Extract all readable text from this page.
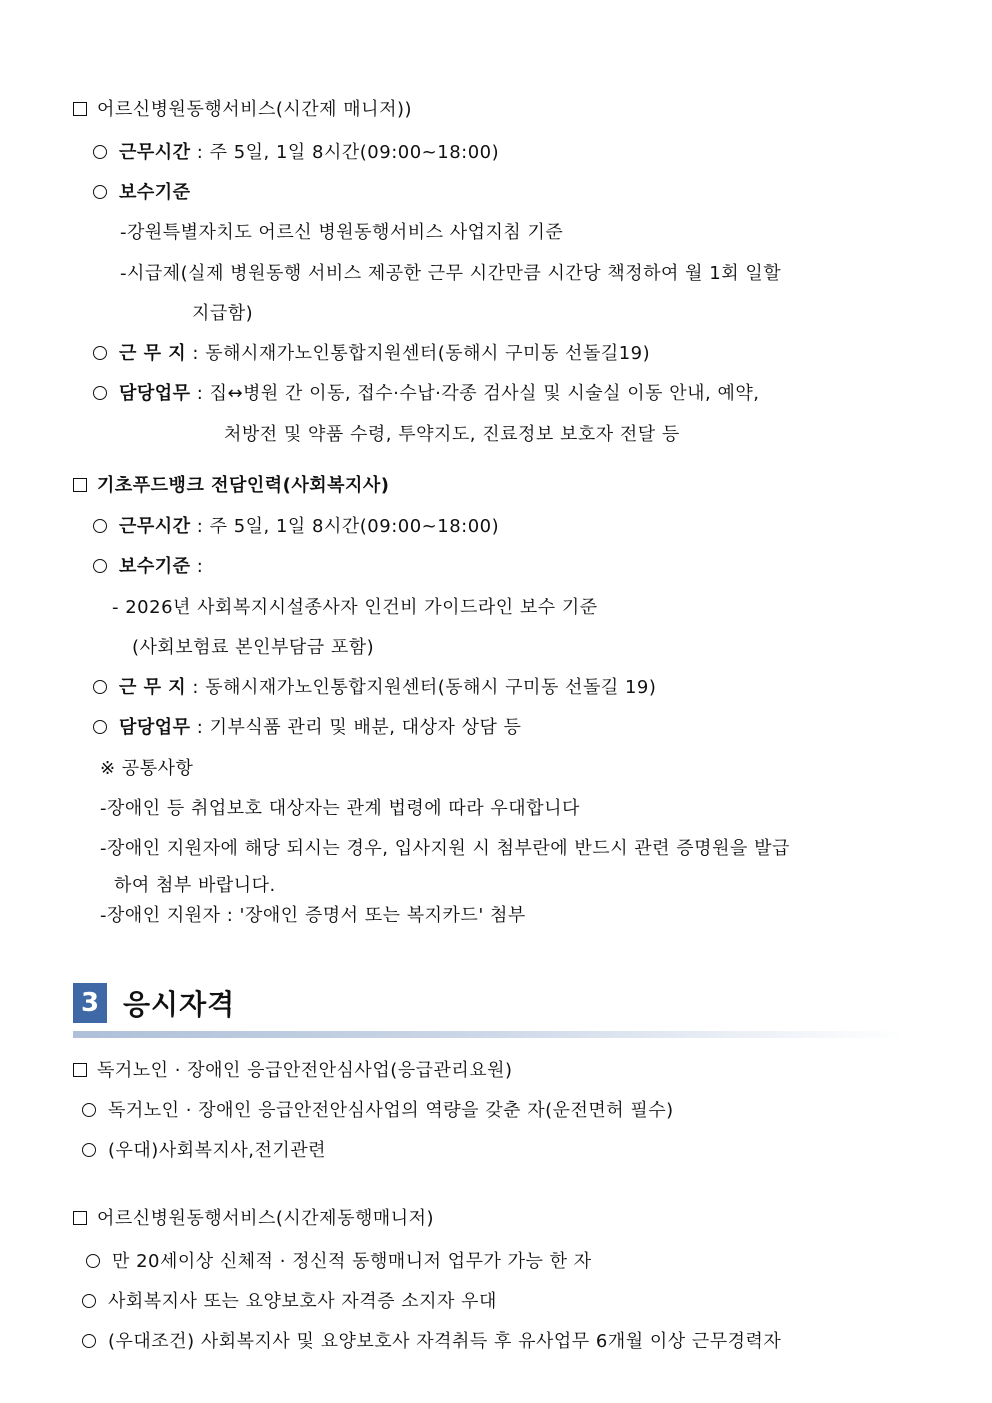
어르신병원동행서비스(시간제 매니저))
근무시간 : 주 5일, 1일 8시간(09:00~18:00)
보수기준
-강원특별자치도 어르신 병원동행서비스 사업지침 기준
-시급제(실제 병원동행 서비스 제공한 근무 시간만큼 시간당 책정하여 월 1회 일할
지급함)
근 무 지 : 동해시재가노인통합지원센터(동해시 구미동 선돌길19)
담당업무 : 집↔병원 간 이동, 접수·수납·각종 검사실 및 시술실 이동 안내, 예약,
처방전 및 약품 수령, 투약지도, 진료정보 보호자 전달 등
기초푸드뱅크 전담인력(사회복지사)
근무시간 : 주 5일, 1일 8시간(09:00~18:00)
보수기준 :
- 2026년 사회복지시설종사자 인건비 가이드라인 보수 기준
(사회보험료 본인부담금 포함)
근 무 지 : 동해시재가노인통합지원센터(동해시 구미동 선돌길 19)
담당업무 : 기부식품 관리 및 배분, 대상자 상담 등
※ 공통사항
-장애인 등 취업보호 대상자는 관계 법령에 따라 우대합니다
-장애인 지원자에 해당 되시는 경우, 입사지원 시 첨부란에 반드시 관련 증명원을 발급
하여 첨부 바랍니다.
-장애인 지원자 : '장애인 증명서 또는 복지카드' 첨부
3 응시자격
독거노인 · 장애인 응급안전안심사업(응급관리요원)
독거노인 · 장애인 응급안전안심사업의 역량을 갖춘 자(운전면허 필수)
(우대)사회복지사,전기관련
어르신병원동행서비스(시간제동행매니저)
만 20세이상 신체적 · 정신적 동행매니저 업무가 가능 한 자
사회복지사 또는 요양보호사 자격증 소지자 우대
(우대조건) 사회복지사 및 요양보호사 자격취득 후 유사업무 6개월 이상 근무경력자
